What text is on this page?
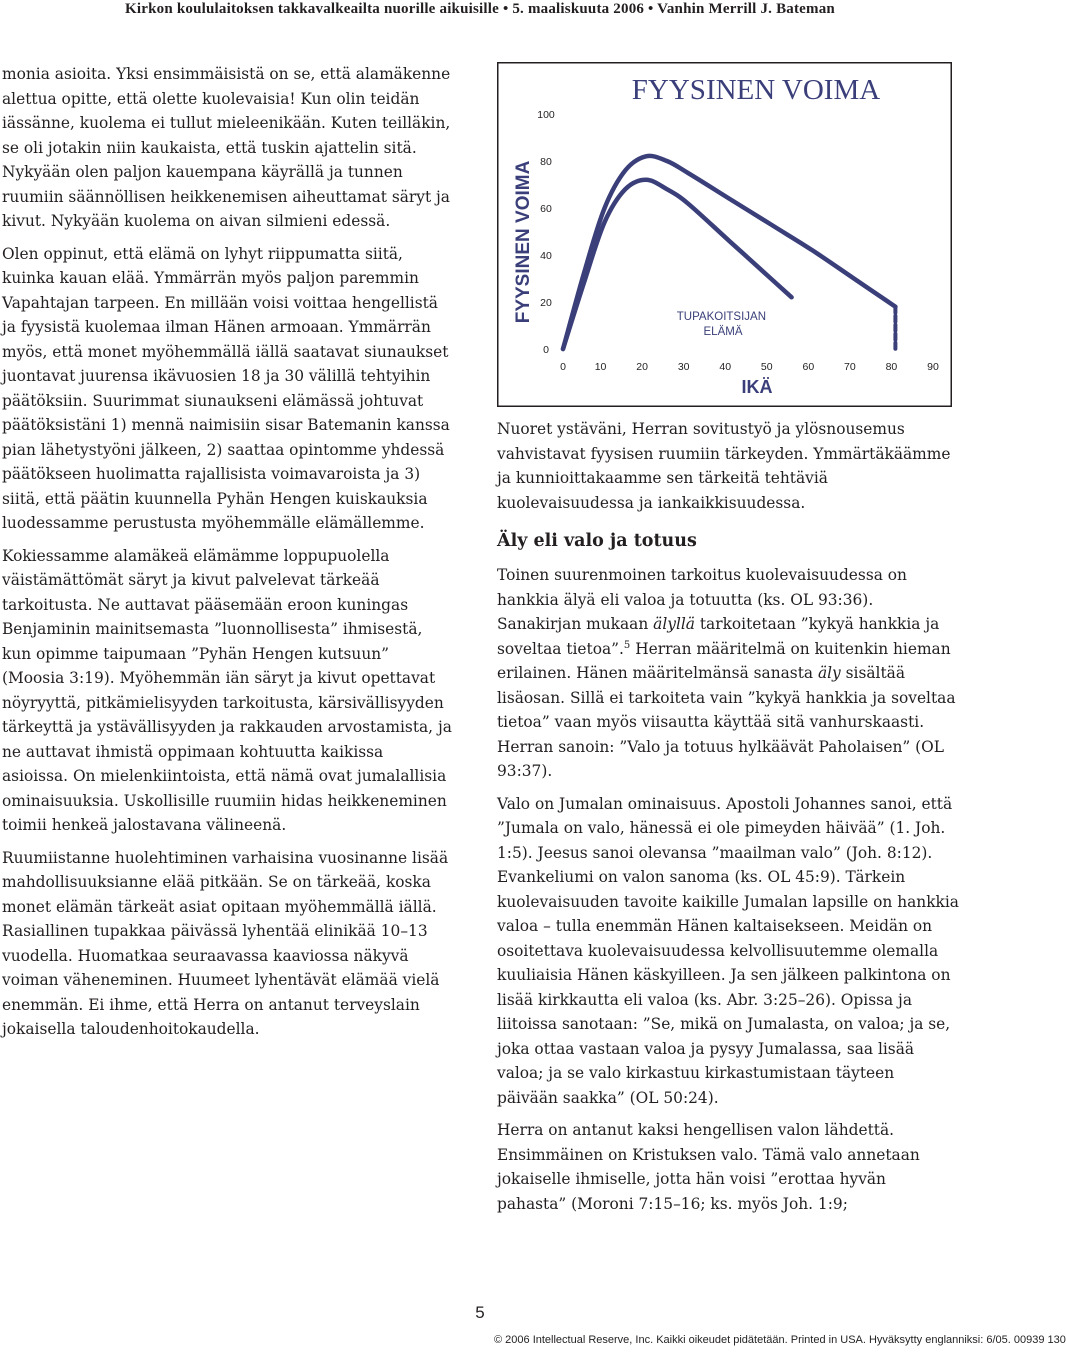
Kirkon koululaitoksen takkavalkeailta nuorille aikuisille • 5. maaliskuuta 2006 • Vanhin Merrill J. Bateman

monia asioita. Yksi ensimmäisistä on se, että alamäkenne alettua opitte, että olette kuolevaisia! Kun olin teidän iässänne, kuolema ei tullut mieleenikään. Kuten teilläkin, se oli jotakin niin kaukaista, että tuskin ajattelin sitä. Nykyään olen paljon kauempana käyrällä ja tunnen ruumiin säännöllisen heikkenemisen aiheuttamat säryt ja kivut. Nykyään kuolema on aivan silmieni edessä.

Olen oppinut, että elämä on lyhyt riippumatta siitä, kuinka kauan elää. Ymmärrän myös paljon paremmin Vapahtajan tarpeen. En millään voisi voittaa hengellistä ja fyysistä kuolemaa ilman Hänen armoaan. Ymmärrän myös, että monet myöhemmällä iällä saatavat siunaukset juontavat juurensa ikävuosien 18 ja 30 välillä tehtyihin päätöksiin. Suurimmat siunaukseni elämässä johtuvat päätöksistäni 1) mennä naimisiin sisar Batemanin kanssa pian lähetystyöni jälkeen, 2) saattaa opintomme yhdessä päätökseen huolimatta rajallisista voimavaroista ja 3) siitä, että päätin kuunnella Pyhän Hengen kuiskauksia luodessamme perustusta myöhemmälle elämällemme.

Kokiessamme alamäkeä elämämme loppupuolella väistämättömät säryt ja kivut palvelevat tärkeää tarkoitusta. Ne auttavat pääsemään eroon kuningas Benjaminin mainitsemasta ”luonnollisesta” ihmisestä, kun opimme taipumaan ”Pyhän Hengen kutsuun” (Moosia 3:19). Myöhemmän iän säryt ja kivut opettavat nöyryyttä, pitkämielisyyden tarkoitusta, kärsivällisyyden tärkeyttä ja ystävällisyyden ja rakkauden arvostamista, ja ne auttavat ihmistä oppimaan kohtuutta kaikissa asioissa. On mielenkiintoista, että nämä ovat jumalallisia ominaisuuksia. Uskollisille ruumiin hidas heikkeneminen toimii henkeä jalostavana välineenä.

Ruumiistanne huolehtiminen varhaisina vuosinanne lisää mahdollisuuksianne elää pitkään. Se on tärkeää, koska monet elämän tärkeät asiat opitaan myöhemmällä iällä. Rasiallinen tupakkaa päivässä lyhentää elinikää 10–13 vuodella. Huomatkaa seuraavassa kaaviossa näkyvä voiman väheneminen. Huumeet lyhentävät elämää vielä enemmän. Ei ihme, että Herra on antanut terveyslain jokaisella taloudenhoitokaudella.

FYYSINEN VOIMA
FYYSINEN VOIMA
IKÄ
TUPAKOITSIJAN ELÄMÄ
0
20
40
60
80
100
0	10	20	30	40	50	60	70	80	90

Nuoret ystäväni, Herran sovitustyö ja ylösnousemus vahvistavat fyysisen ruumiin tärkeyden. Ymmärtäkäämme ja kunnioittakaamme sen tärkeitä tehtäviä kuolevaisuudessa ja iankaikkisuudessa.

Äly eli valo ja totuus

Toinen suurenmoinen tarkoitus kuolevaisuudessa on hankkia älyä eli valoa ja totuutta (ks. OL 93:36). Sanakirjan mukaan älyllä tarkoitetaan ”kykyä hankkia ja soveltaa tietoa”.$^5$ Herran määritelmä on kuitenkin hieman erilainen. Hänen määritelmänsä sanasta äly sisältää lisäosan. Sillä ei tarkoiteta vain ”kykyä hankkia ja soveltaa tietoa” vaan myös viisautta käyttää sitä vanhurskaasti. Herran sanoin: ”Valo ja totuus hylkäävät Paholaisen” (OL 93:37).

Valo on Jumalan ominaisuus. Apostoli Johannes sanoi, että ”Jumala on valo, hänessä ei ole pimeyden häivää” (1. Joh. 1:5). Jeesus sanoi olevansa ”maailman valo” (Joh. 8:12). Evankeliumi on valon sanoma (ks. OL 45:9). Tärkein kuolevaisuuden tavoite kaikille Jumalan lapsille on hankkia valoa – tulla enemmän Hänen kaltaisekseen. Meidän on osoitettava kuolevaisuudessa kelvollisuutemme olemalla kuuliaisia Hänen käskyilleen. Ja sen jälkeen palkintona on lisää kirkkautta eli valoa (ks. Abr. 3:25–26). Opissa ja liitoissa sanotaan: ”Se, mikä on Jumalasta, on valoa; ja se, joka ottaa vastaan valoa ja pysyy Jumalassa, saa lisää valoa; ja se valo kirkastuu kirkastumistaan täyteen päivään saakka” (OL 50:24).

Herra on antanut kaksi hengellisen valon lähdettä. Ensimmäinen on Kristuksen valo. Tämä valo annetaan jokaiselle ihmiselle, jotta hän voisi ”erottaa hyvän pahasta” (Moroni 7:15–16; ks. myös Joh. 1:9;

5
© 2006 Intellectual Reserve, Inc. Kaikki oikeudet pidätetään. Printed in USA. Hyväksytty englanniksi: 6/05. 00939 130
